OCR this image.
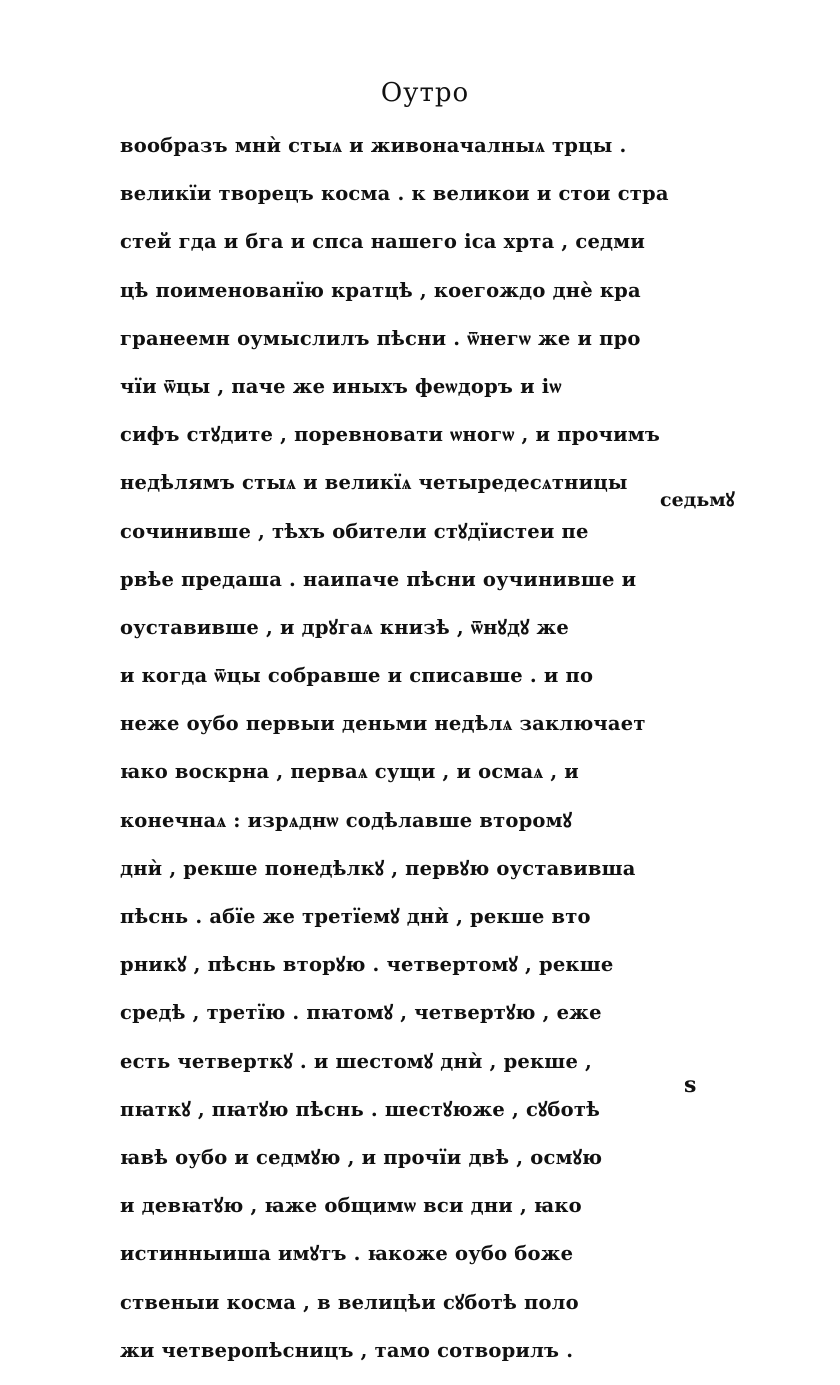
Оутро
вообразъ мнѝ стыѧ и живоначалныѧ трцы .
великїи творецъ косма . к великои и стои стра
стей гда и бга и спса нашего іса хрта , седми
цѣ поименованїю кратцѣ , коегождо днѐ кра
гранеемн оумыслилъ пѣсни . ѿнегѡ же и про
чїи ѿцы , паче же иныхъ феѡдоръ и іѡ
сифъ стꙋдите , поревновати ѡногѡ , и прочимъ
недѣлямъ стыѧ и великїѧ четыредесѧтницы
сочинивше , тѣхъ обители стꙋдїистеи пе
рвѣе предаша . наипаче пѣсни оучинивше и
оуставивше , и дрꙋгаѧ книзѣ , ѿнꙋдꙋ же
и когда ѿцы собравше и списавше . и по
неже оубо первыи деньми недѣлѧ заключает
ꙗко воскрна , перваѧ сущи , и осмаѧ , и
конечнаѧ : изрѧднѡ содѣлавше второмꙋ
днѝ , рекше понедѣлкꙋ , первꙋю оуставивша
пѣснь . абїе же третїемꙋ днѝ , рекше вто
рникꙋ , пѣснь вторꙋю . четвертомꙋ , рекше
средѣ , третїю . пꙗтомꙋ , четвертꙋю , еже
есть четверткꙋ . и шестомꙋ днѝ , рекше ,
пꙗткꙋ , пꙗтꙋю пѣснь . шестꙋюже , сꙋботѣ
ꙗвѣ оубо и седмꙋю , и прочїи двѣ , осмꙋю
и девꙗтꙋю , ꙗже общимѡ вси дни , ꙗко
истинныиша имꙋтъ . ꙗкоже оубо боже
ственыи косма , в велицѣи сꙋботѣ поло
жи четверопѣсницъ , тамо сотворилъ .
седьмꙋ
ѕ
